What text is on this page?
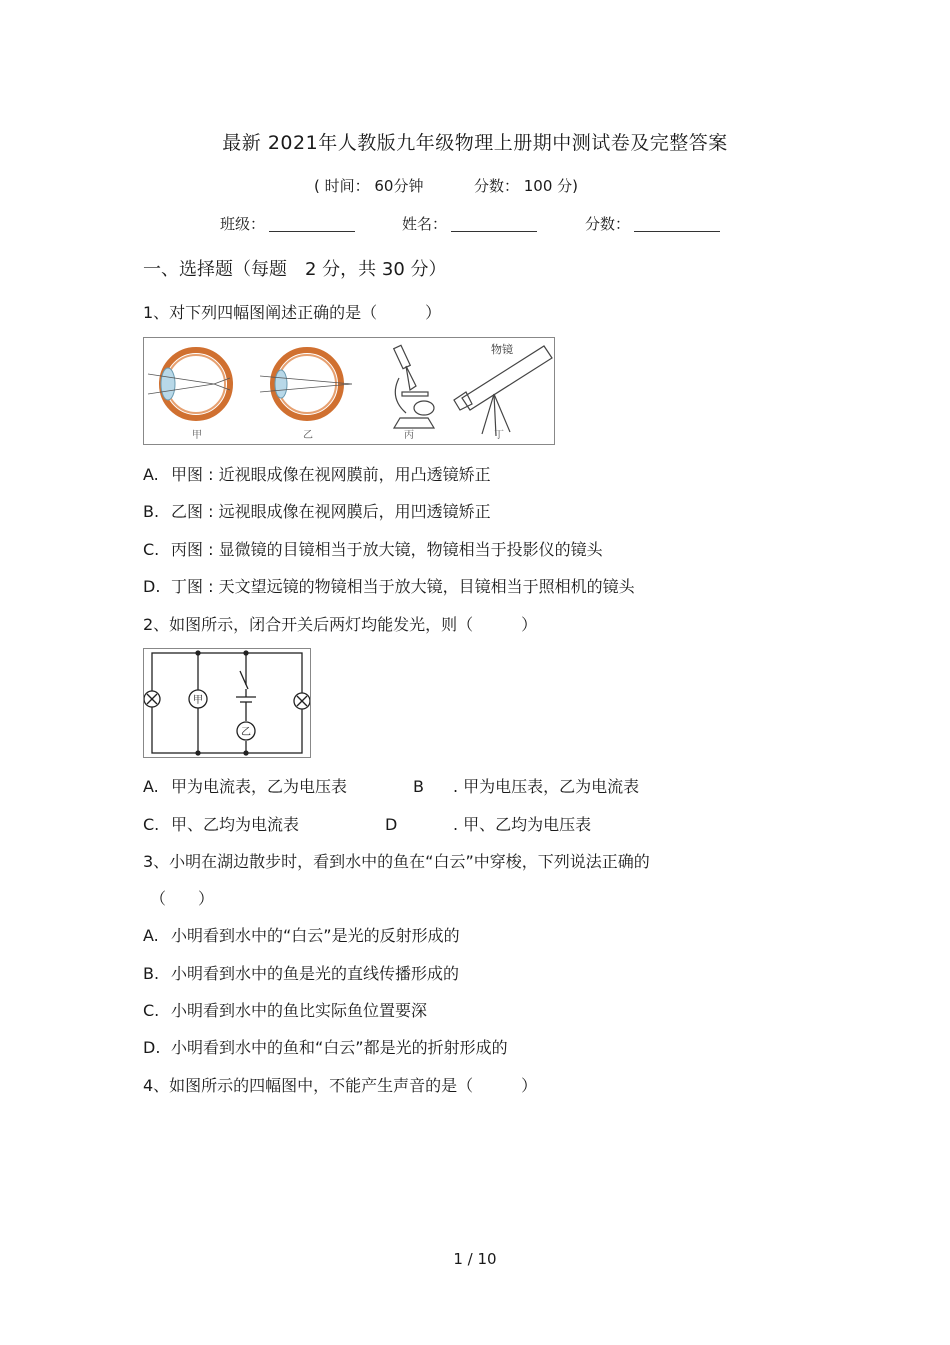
最新 2021年人教版九年级物理上册期中测试卷及完整答案
( 时间： 60分钟	分数： 100 分)
班级：	姓名：	分数：
一、选择题（每题　2 分，共 30 分）
1、对下列四幅图阐述正确的是（　　　）
物镜
甲	乙	丙	丁
A. 甲图 : 近视眼成像在视网膜前，用凸透镜矫正
B. 乙图 : 远视眼成像在视网膜后，用凹透镜矫正
C. 丙图 : 显微镜的目镜相当于放大镜，物镜相当于投影仪的镜头
D. 丁图 : 天文望远镜的物镜相当于放大镜，目镜相当于照相机的镜头
2、如图所示，闭合开关后两灯均能发光，则（　　　）
甲
乙
A. 甲为电流表，乙为电压表	B . 甲为电压表，乙为电流表
C. 甲、乙均为电流表	D	. 甲、乙均为电压表
3、小明在湖边散步时，看到水中的鱼在“白云”中穿梭，下列说法正确的
（　　）
A. 小明看到水中的“白云”是光的反射形成的
B. 小明看到水中的鱼是光的直线传播形成的
C. 小明看到水中的鱼比实际鱼位置要深
D. 小明看到水中的鱼和“白云”都是光的折射形成的
4、如图所示的四幅图中，不能产生声音的是（　　　）
1 / 10
